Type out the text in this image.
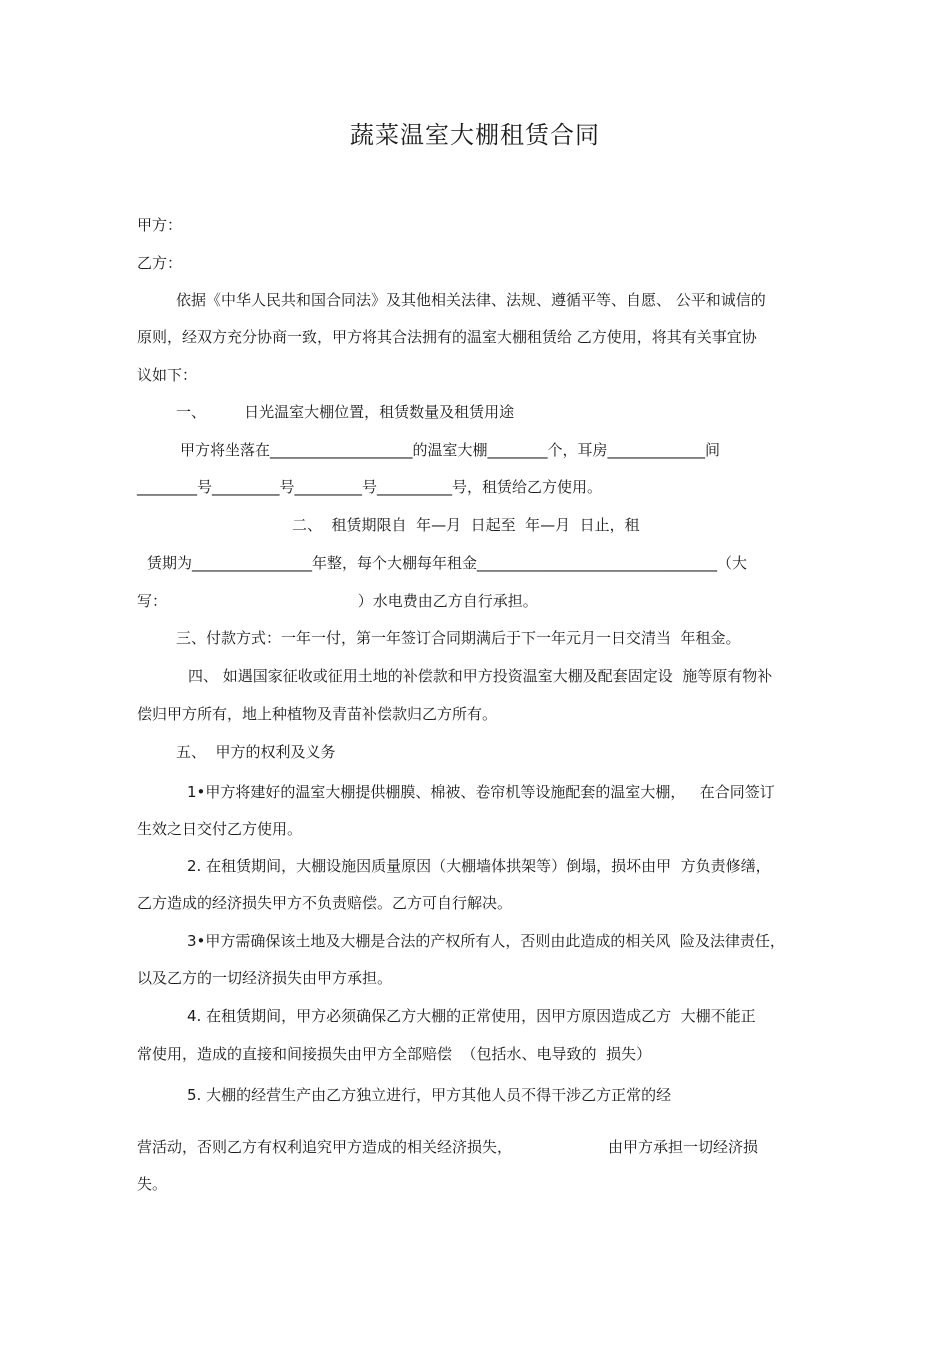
蔬菜温室大棚租赁合同
甲方：
乙方：
依据《中华人民共和国合同法》及其他相关法律、法规、遵循平等、自愿、 公平和诚信的
原则，经双方充分协商一致，甲方将其合法拥有的温室大棚租赁给 乙方使用，将其有关事宜协
议如下：
一、        日光温室大棚位置，租赁数量及租赁用途
甲方将坐落在___________________的温室大棚________个，耳房_____________间
________号_________号_________号__________号，租赁给乙方使用。
二、  租赁期限自  年—月  日起至  年—月  日止，租
赁期为________________年整，每个大棚每年租金________________________________（大
写：                                        ）水电费由乙方自行承担。
三、付款方式：一年一付，第一年签订合同期满后于下一年元月一日交清当  年租金。
四、 如遇国家征收或征用土地的补偿款和甲方投资温室大棚及配套固定设  施等原有物补
偿归甲方所有，地上种植物及青苗补偿款归乙方所有。
五、  甲方的权利及义务
1•甲方将建好的温室大棚提供棚膜、棉被、卷帘机等设施配套的温室大棚，   在合同签订
生效之日交付乙方使用。
2. 在租赁期间，大棚设施因质量原因（大棚墙体拱架等）倒塌，损坏由甲  方负责修缮，
乙方造成的经济损失甲方不负责赔偿。乙方可自行解决。
3•甲方需确保该土地及大棚是合法的产权所有人，否则由此造成的相关风  险及法律责任，
以及乙方的一切经济损失由甲方承担。
4. 在租赁期间，甲方必须确保乙方大棚的正常使用，因甲方原因造成乙方  大棚不能正
常使用，造成的直接和间接损失由甲方全部赔偿  （包括水、电导致的  损失）
5. 大棚的经营生产由乙方独立进行，甲方其他人员不得干涉乙方正常的经
营活动，否则乙方有权利追究甲方造成的相关经济损失，	由甲方承担一切经济损
失。
